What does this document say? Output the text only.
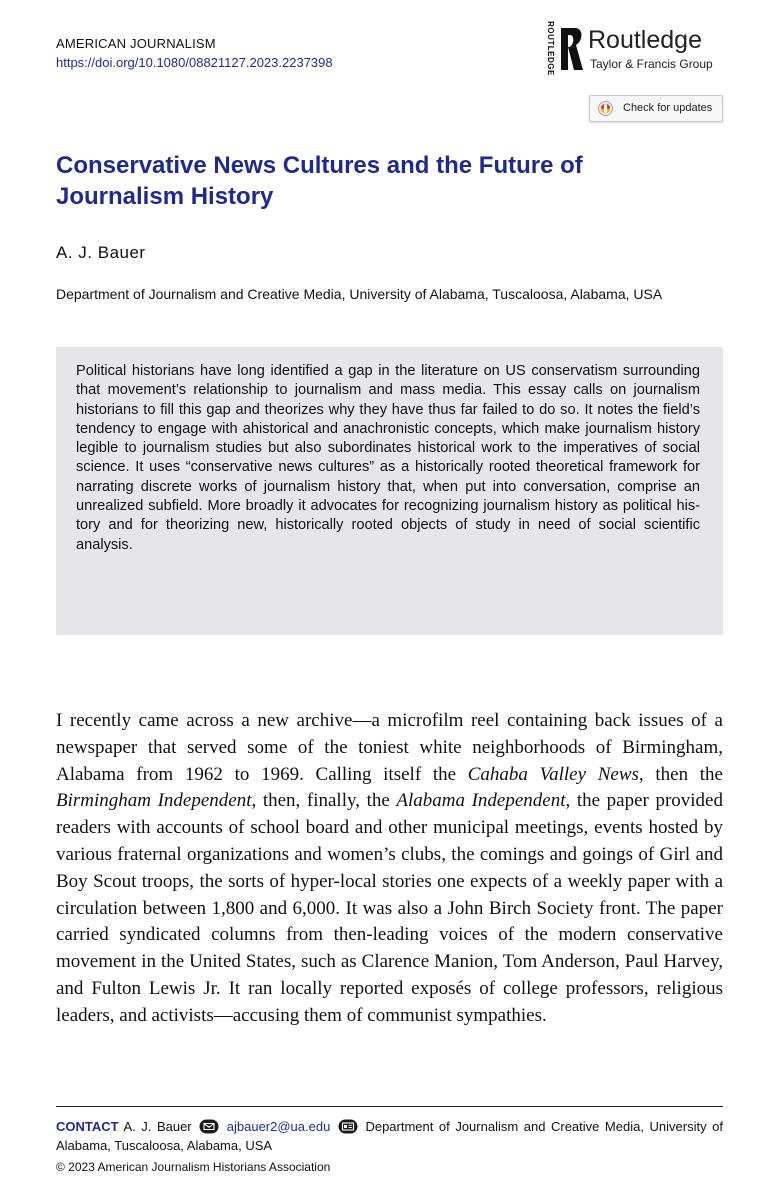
AMERICAN JOURNALISM
https://doi.org/10.1080/08821127.2023.2237398	ROUTLEDGE Routledge
Taylor & Francis Group
Check for updates
Conservative News Cultures and the Future of Journalism History
A. J. Bauer
Department of Journalism and Creative Media, University of Alabama, Tuscaloosa, Alabama, USA

Political historians have long identified a gap in the literature on US conservatism surrounding that movement’s relationship to journalism and mass media. This essay calls on journalism historians to fill this gap and theorizes why they have thus far failed to do so. It notes the field’s tendency to engage with ahistorical and anachronistic concepts, which make journalism history legible to journalism studies but also subordinates historical work to the imperatives of social science. It uses “conservative news cultures” as a historically rooted theoretical framework for narrating discrete works of journalism history that, when put into conversation, comprise an unrealized subfield. More broadly it advocates for recognizing journalism history as political history and for theorizing new, historically rooted objects of study in need of social scientific analysis.

I recently came across a new archive—a microfilm reel containing back issues of a newspaper that served some of the toniest white neighborhoods of Birmingham, Alabama from 1962 to 1969. Calling itself the Cahaba Valley News, then the Birmingham Independent, then, finally, the Alabama Independent, the paper provided readers with accounts of school board and other municipal meetings, events hosted by various fraternal organizations and women’s clubs, the comings and goings of Girl and Boy Scout troops, the sorts of hyper-local stories one expects of a weekly paper with a circulation between 1,800 and 6,000. It was also a John Birch Society front. The paper carried syndicated columns from then-leading voices of the modern conservative movement in the United States, such as Clarence Manion, Tom Anderson, Paul Harvey, and Fulton Lewis Jr. It ran locally reported exposés of college professors, religious leaders, and activists—accusing them of communist sympathies.

CONTACT A. J. Bauer	ajbauer2@ua.edu	Department of Journalism and Creative Media, University of Alabama, Tuscaloosa, Alabama, USA

© 2023 American Journalism Historians Association
